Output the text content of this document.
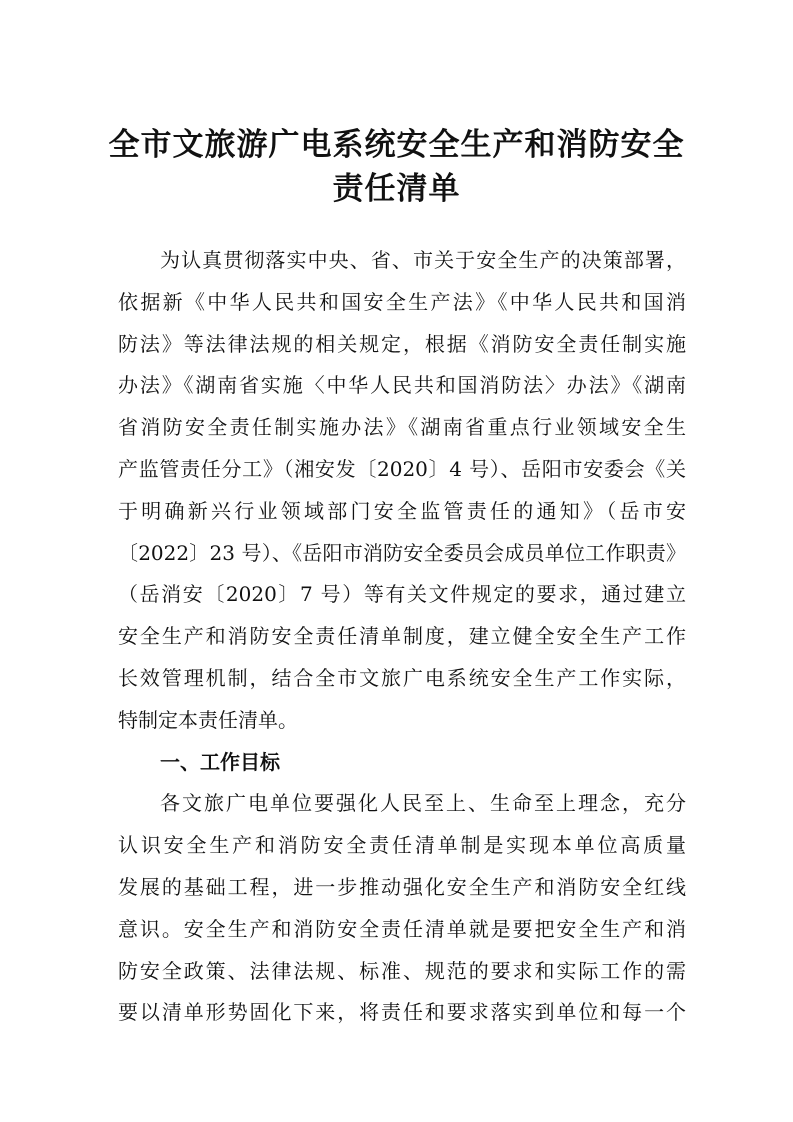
全市文旅游广电系统安全生产和消防安全
责任清单
为认真贯彻落实中央、省、市关于安全生产的决策部署，
依据新《中华人民共和国安全生产法》《中华人民共和国消
防法》等法律法规的相关规定，根据《消防安全责任制实施
办法》《湖南省实施〈中华人民共和国消防法〉办法》《湖南
省消防安全责任制实施办法》《湖南省重点行业领域安全生
产监管责任分工》（湘安发〔2020〕4 号）、岳阳市安委会《关
于明确新兴行业领域部门安全监管责任的通知》（岳市安
〔2022〕23 号）、《岳阳市消防安全委员会成员单位工作职责》
（岳消安〔2020〕7 号）等有关文件规定的要求，通过建立
安全生产和消防安全责任清单制度，建立健全安全生产工作
长效管理机制，结合全市文旅广电系统安全生产工作实际，
特制定本责任清单。
一、工作目标
各文旅广电单位要强化人民至上、生命至上理念，充分
认识安全生产和消防安全责任清单制是实现本单位高质量
发展的基础工程，进一步推动强化安全生产和消防安全红线
意识。安全生产和消防安全责任清单就是要把安全生产和消
防安全政策、法律法规、标准、规范的要求和实际工作的需
要以清单形势固化下来，将责任和要求落实到单位和每一个
